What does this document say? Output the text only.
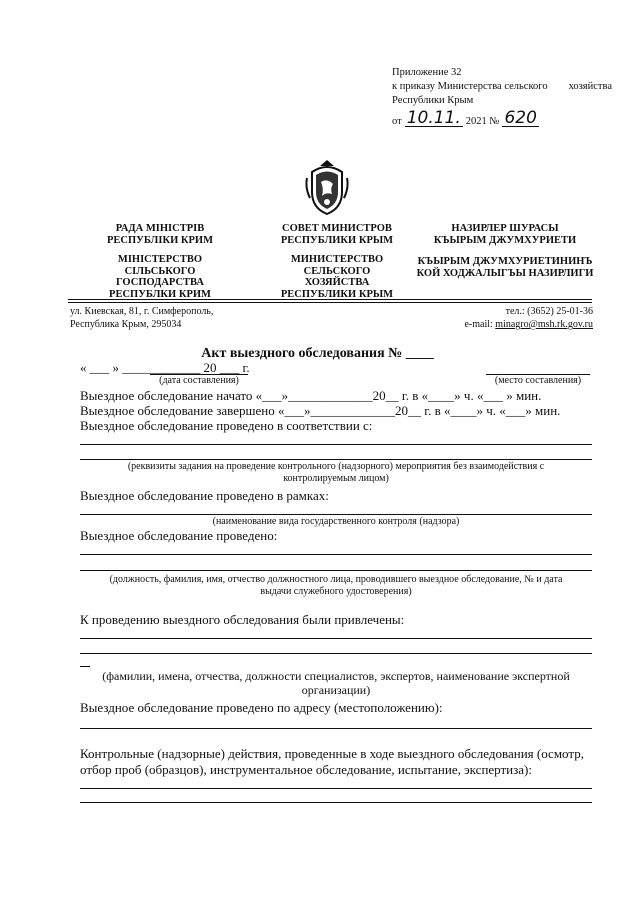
Приложение 32
к приказу Министерства сельского хозяйства
Республики Крым
от 10.11. 2021 № 620
РАДА МІНІСТРІВ
РЕСПУБЛІКИ КРИМ
МІНІСТЕРСТВО
СІЛЬСЬКОГО
ГОСПОДАРСТВА
РЕСПУБЛКИ КРИМ
СОВЕТ МИНИСТРОВ
РЕСПУБЛИКИ КРЫМ
МИНИСТЕРСТВО
СЕЛЬСКОГО ХОЗЯЙСТВА
РЕСПУБЛИКИ КРЫМ
НАЗИРЛЕР ШУРАСЫ
КЪЫРЫМ ДЖУМХУРИЕТИ
КЪЫРЫМ ДЖУМХУРИЕТИНИНЪ
КОЙ ХОДЖАЛЫГЪЫ НАЗИРЛИГИ
ул. Киевская, 81, г. Симферополь,
Республика Крым, 295034
тел.: (3652) 25-01-36
e-mail: minagro@msh.rk.gov.ru
Акт выездного обследования № ____
« ___ » ____________ 20 ___ г.
(дата составления)	(место составления)
Выездное обследование начато «___»_____________20__ г. в «____» ч. «___ » мин.
Выездное обследование завершено «___»_____________20__ г. в «____» ч. «___» мин.
Выездное обследование проведено в соответствии с:
(реквизиты задания на проведение контрольного (надзорного) мероприятия без взаимодействия с
контролируемым лицом)
Выездное обследование проведено в рамках:
(наименование вида государственного контроля (надзора)
Выездное обследование проведено:
(должность, фамилия, имя, отчество должностного лица, проводившего выездное обследование, № и дата
выдачи служебного удостоверения)
К проведению выездного обследования были привлечены:
(фамилии, имена, отчества, должности специалистов, экспертов, наименование экспертной
организации)
Выездное обследование проведено по адресу (местоположению):
Контрольные (надзорные) действия, проведенные в ходе выездного обследования (осмотр,
отбор проб (образцов), инструментальное обследование, испытание, экспертиза):
